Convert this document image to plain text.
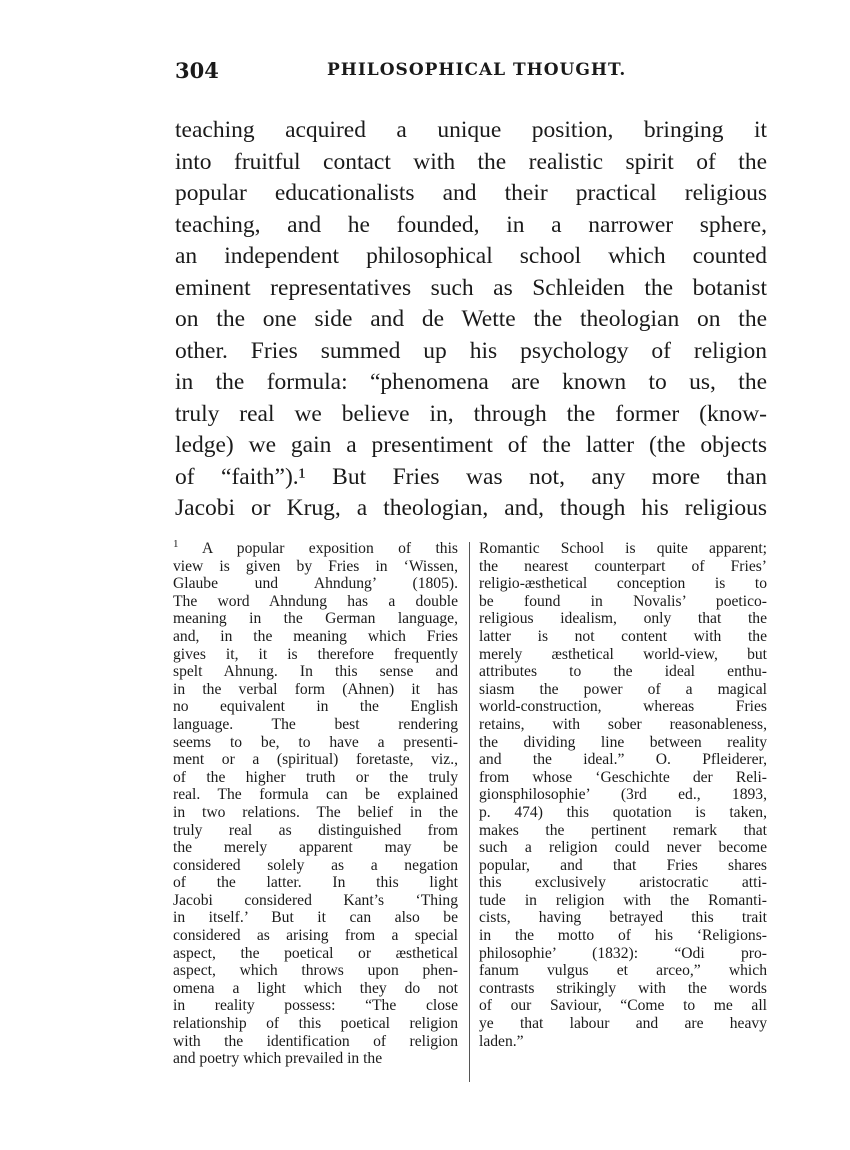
304	PHILOSOPHICAL THOUGHT.
teaching acquired a unique position, bringing it
into fruitful contact with the realistic spirit of the
popular educationalists and their practical religious
teaching, and he founded, in a narrower sphere,
an independent philosophical school which counted
eminent representatives such as Schleiden the botanist
on the one side and de Wette the theologian on the
other. Fries summed up his psychology of religion
in the formula: “phenomena are known to us, the
truly real we believe in, through the former (know-
ledge) we gain a presentiment of the latter (the objects
of “faith”).¹ But Fries was not, any more than
Jacobi or Krug, a theologian, and, though his religious
$^1$ A popular exposition of this
view is given by Fries in ‘Wissen,
Glaube und Ahndung’ (1805).
The word Ahndung has a double
meaning in the German language,
and, in the meaning which Fries
gives it, it is therefore frequently
spelt Ahnung. In this sense and
in the verbal form (Ahnen) it has
no equivalent in the English
language. The best rendering
seems to be, to have a presenti-
ment or a (spiritual) foretaste, viz.,
of the higher truth or the truly
real. The formula can be explained
in two relations. The belief in the
truly real as distinguished from
the merely apparent may be
considered solely as a negation
of the latter. In this light
Jacobi considered Kant’s ‘Thing
in itself.’ But it can also be
considered as arising from a special
aspect, the poetical or æsthetical
aspect, which throws upon phen-
omena a light which they do not
in reality possess: “The close
relationship of this poetical religion
with the identification of religion
and poetry which prevailed in the
Romantic School is quite apparent;
the nearest counterpart of Fries’
religio-æsthetical conception is to
be found in Novalis’ poetico-
religious idealism, only that the
latter is not content with the
merely æsthetical world-view, but
attributes to the ideal enthu-
siasm the power of a magical
world-construction, whereas Fries
retains, with sober reasonableness,
the dividing line between reality
and the ideal.” O. Pfleiderer,
from whose ‘Geschichte der Reli-
gionsphilosophie’ (3rd ed., 1893,
p. 474) this quotation is taken,
makes the pertinent remark that
such a religion could never become
popular, and that Fries shares
this exclusively aristocratic atti-
tude in religion with the Romanti-
cists, having betrayed this trait
in the motto of his ‘Religions-
philosophie’ (1832): “Odi pro-
fanum vulgus et arceo,” which
contrasts strikingly with the words
of our Saviour, “Come to me all
ye that labour and are heavy
laden.”
